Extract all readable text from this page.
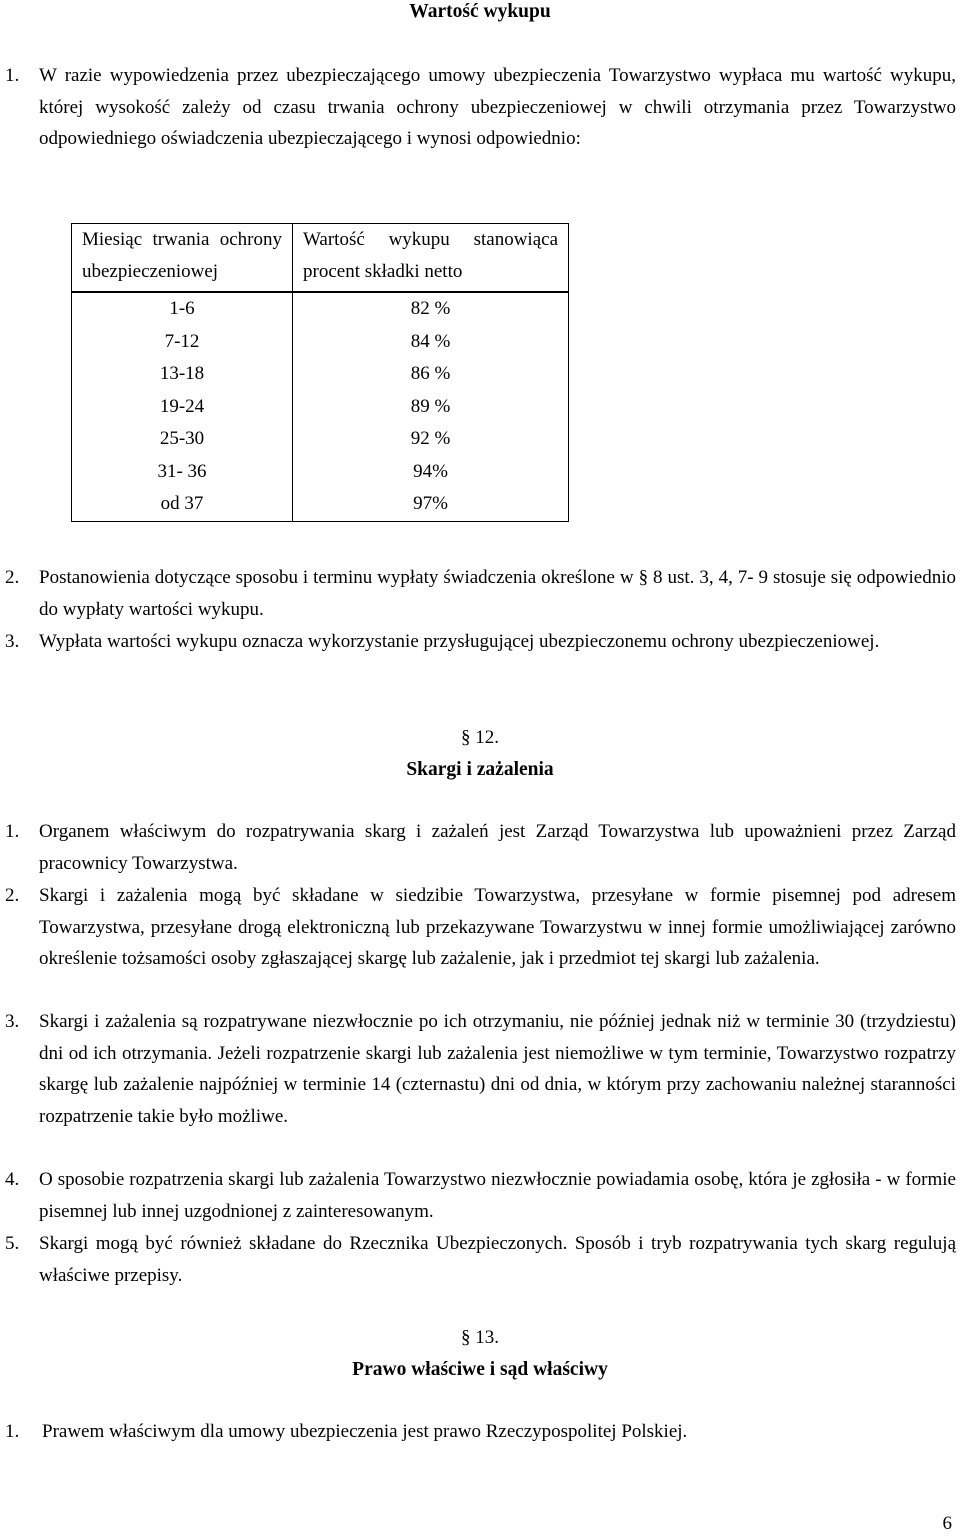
Wartość wykupu
1. W razie wypowiedzenia przez ubezpieczającego umowy ubezpieczenia Towarzystwo wypłaca mu wartość wykupu, której wysokość zależy od czasu trwania ochrony ubezpieczeniowej w chwili otrzymania przez Towarzystwo odpowiedniego oświadczenia ubezpieczającego i wynosi odpowiednio:
Miesiąc trwania ochrony ubezpieczeniowej	Wartość wykupu stanowiąca procent składki netto

1-6	82 %
7-12	84 %
13-18	86 %
19-24	89 %
25-30	92 %
31- 36	94%
od 37	97%
2. Postanowienia dotyczące sposobu i terminu wypłaty świadczenia określone w § 8 ust. 3, 4, 7- 9 stosuje się odpowiednio do wypłaty wartości wykupu.
3. Wypłata wartości wykupu oznacza wykorzystanie przysługującej ubezpieczonemu ochrony ubezpieczeniowej.
§ 12.
Skargi i zażalenia
1. Organem właściwym do rozpatrywania skarg i zażaleń jest Zarząd Towarzystwa lub upoważnieni przez Zarząd pracownicy Towarzystwa.
2. Skargi i zażalenia mogą być składane w siedzibie Towarzystwa, przesyłane w formie pisemnej pod adresem Towarzystwa, przesyłane drogą elektroniczną lub przekazywane Towarzystwu w innej formie umożliwiającej zarówno określenie tożsamości osoby zgłaszającej skargę lub zażalenie, jak i przedmiot tej skargi lub zażalenia.
3. Skargi i zażalenia są rozpatrywane niezwłocznie po ich otrzymaniu, nie później jednak niż w terminie 30 (trzydziestu) dni od ich otrzymania. Jeżeli rozpatrzenie skargi lub zażalenia jest niemożliwe w tym terminie, Towarzystwo rozpatrzy skargę lub zażalenie najpóźniej w terminie 14 (czternastu) dni od dnia, w którym przy zachowaniu należnej staranności rozpatrzenie takie było możliwe.
4. O sposobie rozpatrzenia skargi lub zażalenia Towarzystwo niezwłocznie powiadamia osobę, która je zgłosiła - w formie pisemnej lub innej uzgodnionej z zainteresowanym.
5. Skargi mogą być również składane do Rzecznika Ubezpieczonych. Sposób i tryb rozpatrywania tych skarg regulują właściwe przepisy.
§ 13.
Prawo właściwe i sąd właściwy
1. Prawem właściwym dla umowy ubezpieczenia jest prawo Rzeczypospolitej Polskiej.
6
